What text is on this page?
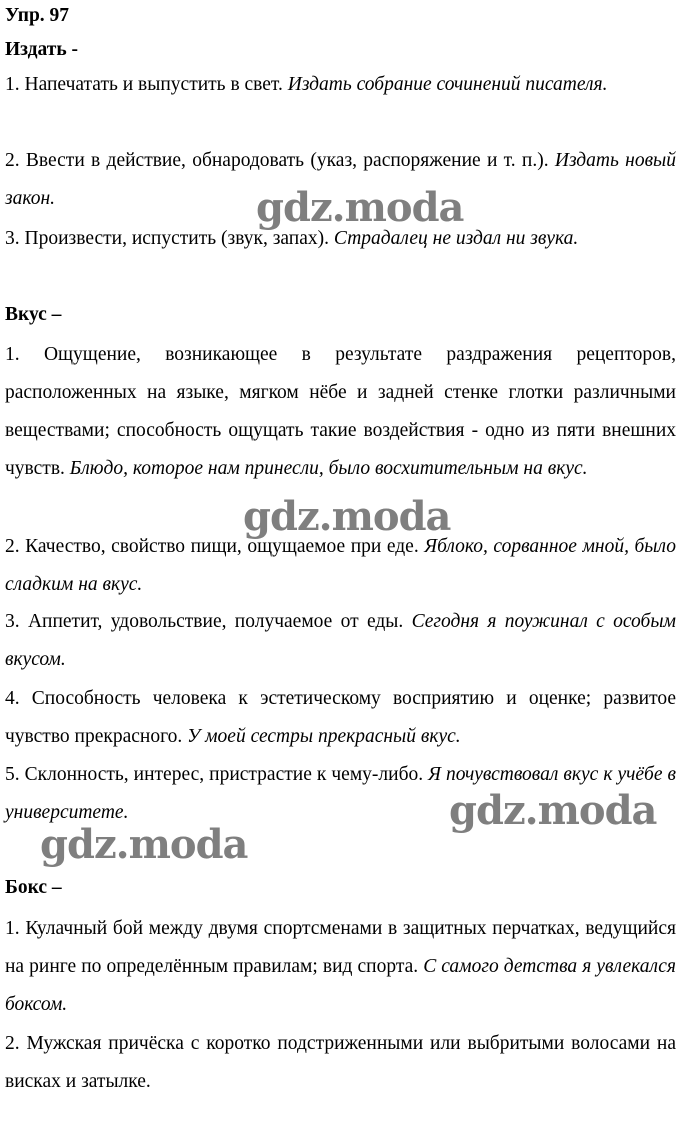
Упр. 97
Издать -

1. Напечатать и выпустить в свет. Издать собрание сочинений писателя.

2. Ввести в действие, обнародовать (указ, распоряжение и т. п.). Издать новый закон.

3. Произвести, испустить (звук, запах). Страдалец не издал ни звука.

Вкус –

1. Ощущение, возникающее в результате раздражения рецепторов, расположенных на языке, мягком нёбе и задней стенке глотки различными веществами; способность ощущать такие воздействия - одно из пяти внешних чувств. Блюдо, которое нам принесли, было восхитительным на вкус.

2. Качество, свойство пищи, ощущаемое при еде. Яблоко, сорванное мной, было сладким на вкус.

3. Аппетит, удовольствие, получаемое от еды. Сегодня я поужинал с особым вкусом.

4. Способность человека к эстетическому восприятию и оценке; развитое чувство прекрасного. У моей сестры прекрасный вкус.

5. Склонность, интерес, пристрастие к чему-либо. Я почувствовал вкус к учёбе в университете.

Бокс –

1. Кулачный бой между двумя спортсменами в защитных перчатках, ведущийся на ринге по определённым правилам; вид спорта. С самого детства я увлекался боксом.

2. Мужская причёска с коротко подстриженными или выбритыми волосами на висках и затылке.

gdz.moda
gdz.moda
gdz.moda
gdz.moda
